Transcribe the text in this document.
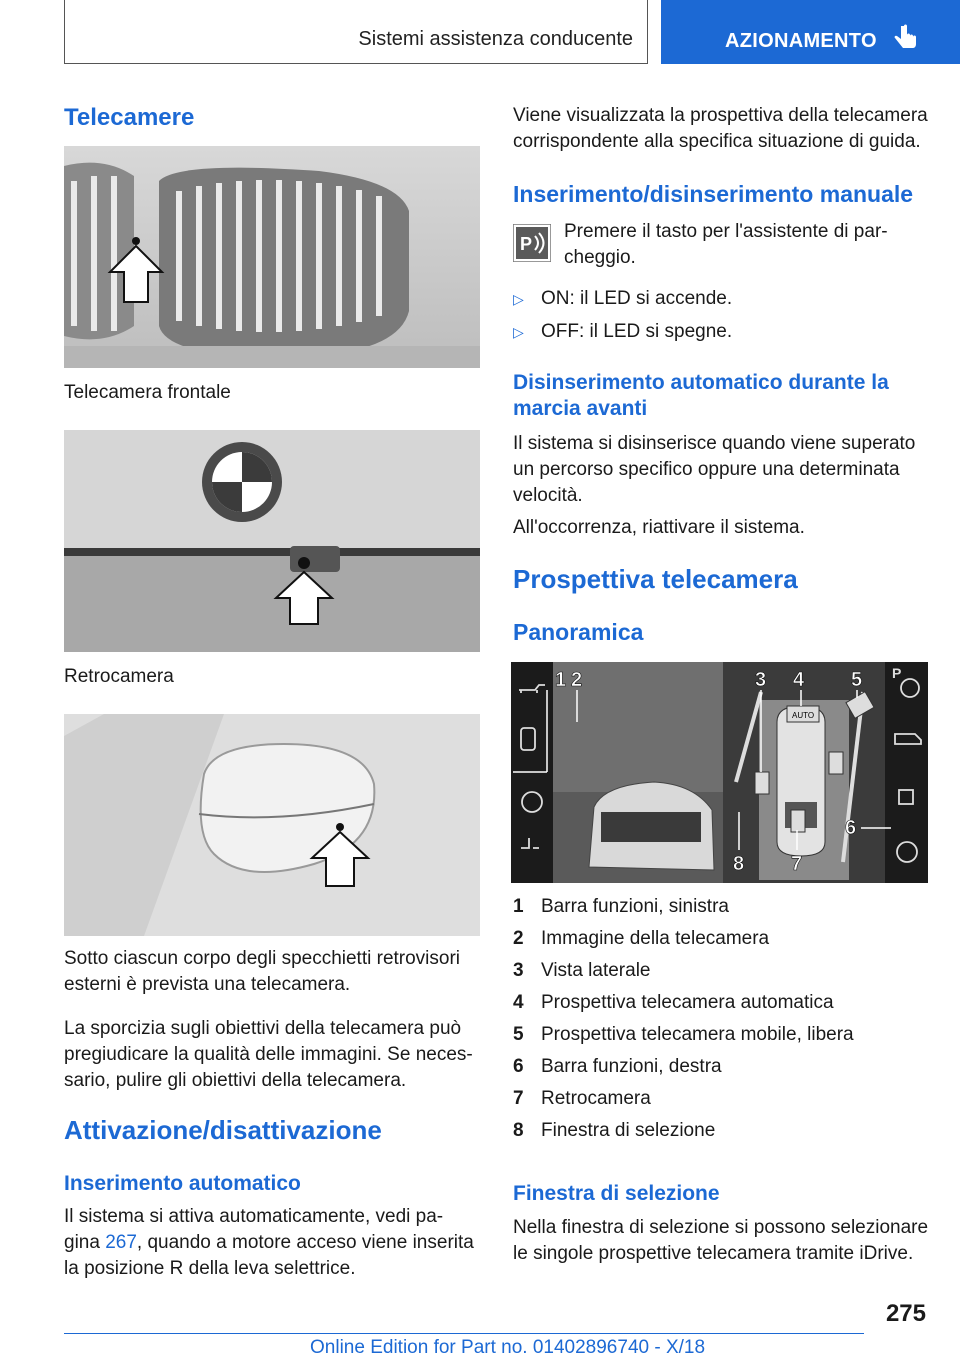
Sistemi assistenza conducente	AZIONAMENTO
Telecamere
Telecamera frontale
Retrocamera

Sotto ciascun corpo degli specchietti retrovisori esterni è prevista una telecamera.

La sporcizia sugli obiettivi della telecamera può pregiudicare la qualità delle immagini. Se neces-sario, pulire gli obiettivi della telecamera.

Attivazione/disattivazione
Inserimento automatico

Il sistema si attiva automaticamente, vedi pa-gina 267, quando a motore acceso viene inserita la posizione R della leva selettrice.

Viene visualizzata la prospettiva della telecamera corrispondente alla specifica situazione di guida.

Inserimento/disinserimento manuale
P

Premere il tasto per l'assistente di par-cheggio.

▷ ON: il LED si accende.
▷ OFF: il LED si spegne.
Disinserimento automatico durante la marcia avanti

Il sistema si disinserisce quando viene superato un percorso specifico oppure una determinata velocità.

All'occorrenza, riattivare il sistema.

Prospettiva telecamera
Panoramica
AUTO
P
1 2	3 4 5
6
7
8
1 Barra funzioni, sinistra
2 Immagine della telecamera
3 Vista laterale
4 Prospettiva telecamera automatica
5 Prospettiva telecamera mobile, libera
6 Barra funzioni, destra
7 Retrocamera
8 Finestra di selezione
Finestra di selezione

Nella finestra di selezione si possono selezionare le singole prospettive telecamera tramite iDrive.

275
Online Edition for Part no. 01402896740 - X/18
